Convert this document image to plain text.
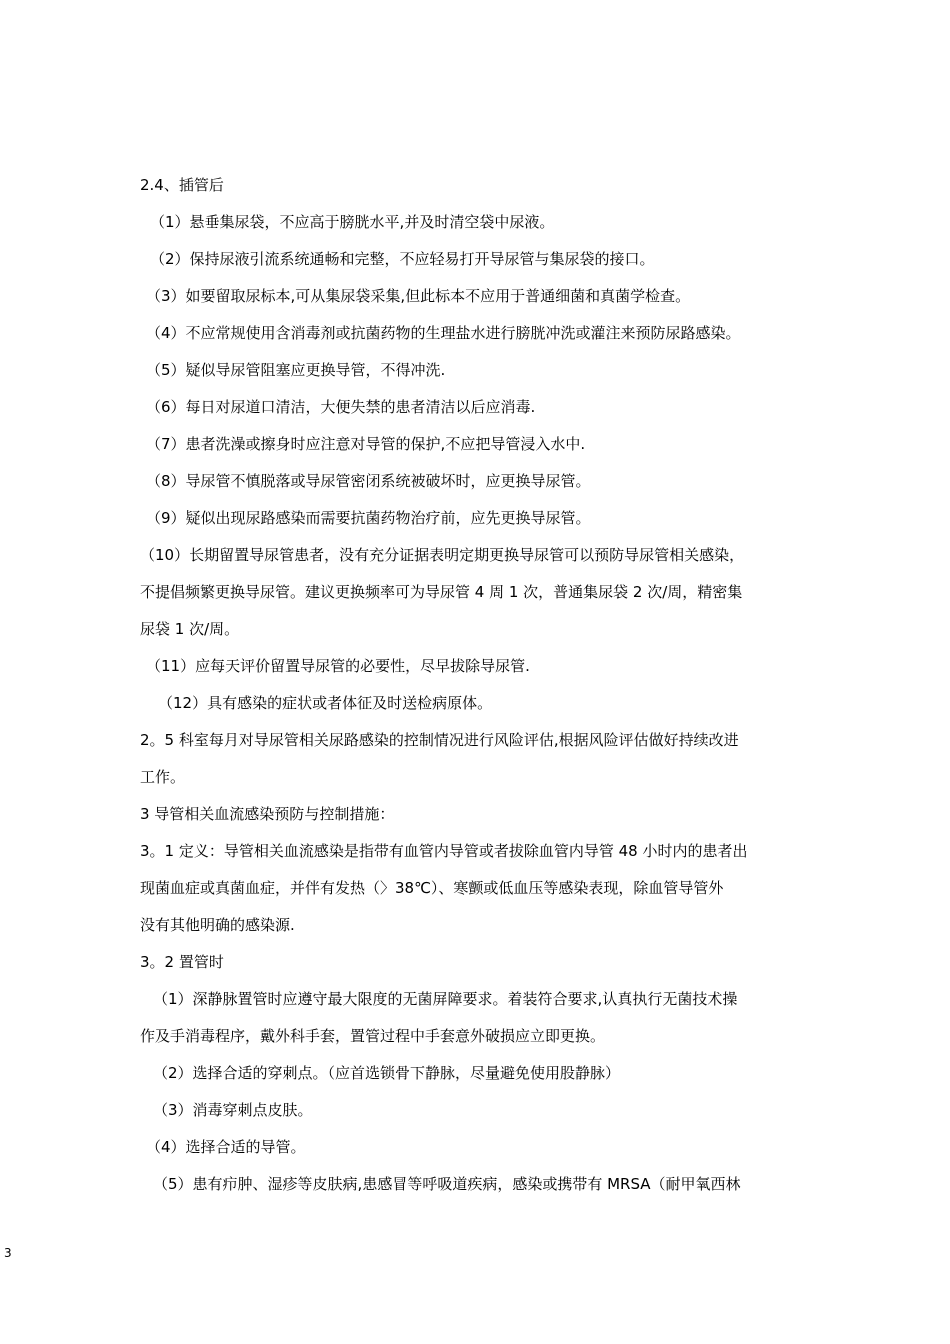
2.4、插管后
（1）悬垂集尿袋，不应高于膀胱水平,并及时清空袋中尿液。
（2）保持尿液引流系统通畅和完整，不应轻易打开导尿管与集尿袋的接口。
（3）如要留取尿标本,可从集尿袋采集,但此标本不应用于普通细菌和真菌学检查。
（4）不应常规使用含消毒剂或抗菌药物的生理盐水进行膀胱冲洗或灌注来预防尿路感染。
（5）疑似导尿管阻塞应更换导管，不得冲洗.
（6）每日对尿道口清洁，大便失禁的患者清洁以后应消毒.
（7）患者洗澡或擦身时应注意对导管的保护,不应把导管浸入水中.
（8）导尿管不慎脱落或导尿管密闭系统被破坏时，应更换导尿管。
（9）疑似出现尿路感染而需要抗菌药物治疗前，应先更换导尿管。
（10）长期留置导尿管患者，没有充分证据表明定期更换导尿管可以预防导尿管相关感染，
不提倡频繁更换导尿管。建议更换频率可为导尿管 4 周 1 次，普通集尿袋 2 次/周，精密集
尿袋 1 次/周。
（11）应每天评价留置导尿管的必要性，尽早拔除导尿管.
（12）具有感染的症状或者体征及时送检病原体。
2。5 科室每月对导尿管相关尿路感染的控制情况进行风险评估,根据风险评估做好持续改进
工作。
3 导管相关血流感染预防与控制措施：
3。1 定义：导管相关血流感染是指带有血管内导管或者拔除血管内导管 48 小时内的患者出
现菌血症或真菌血症，并伴有发热（〉38℃）、寒颤或低血压等感染表现，除血管导管外
没有其他明确的感染源.
3。2 置管时
（1）深静脉置管时应遵守最大限度的无菌屏障要求。着装符合要求,认真执行无菌技术操
作及手消毒程序，戴外科手套，置管过程中手套意外破损应立即更换。
（2）选择合适的穿刺点。（应首选锁骨下静脉，尽量避免使用股静脉）
（3）消毒穿刺点皮肤。
（4）选择合适的导管。
（5）患有疖肿、湿疹等皮肤病,患感冒等呼吸道疾病，感染或携带有 MRSA（耐甲氧西林
3
